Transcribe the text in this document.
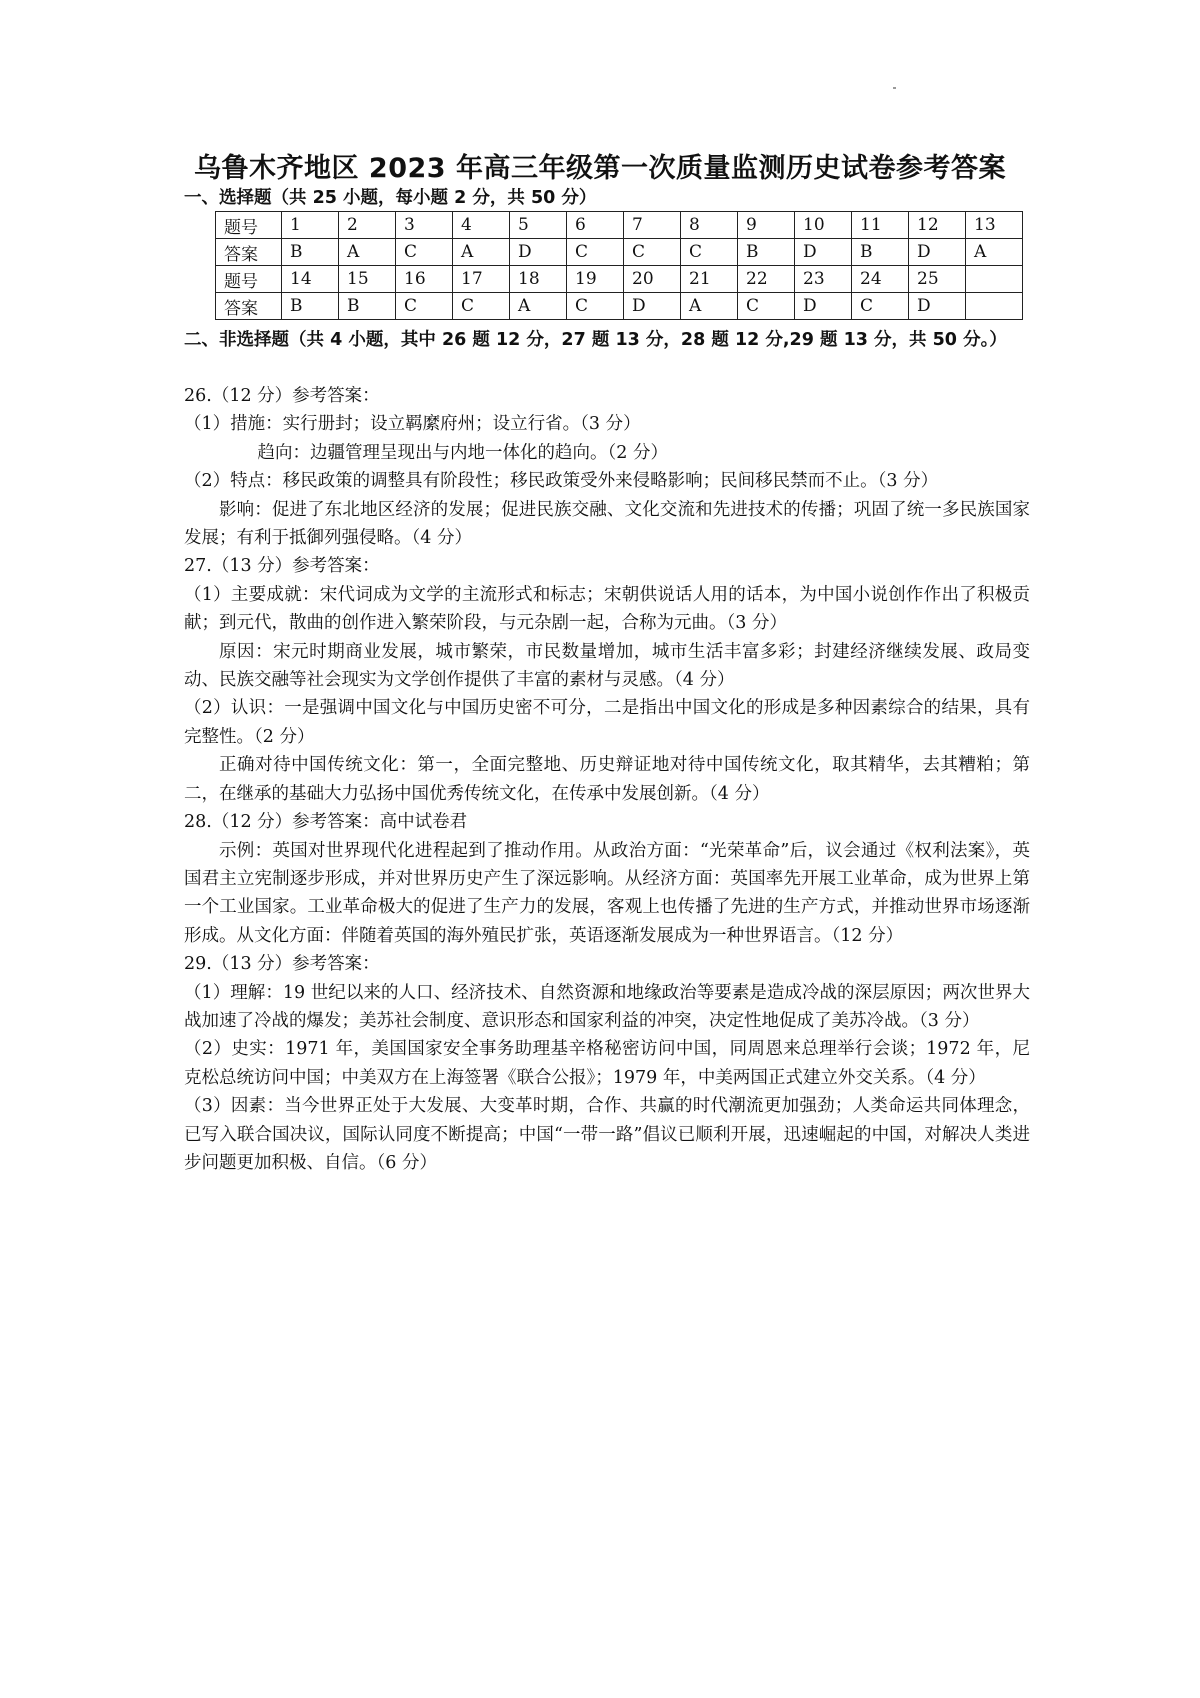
乌鲁木齐地区 2023 年高三年级第一次质量监测历史试卷参考答案
一、选择题（共 25 小题，每小题 2 分，共 50 分）
题号	1	2	3	4	5	6	7	8	9	10	11	12	13
答案	B	A	C	A	D	C	C	C	B	D	B	D	A
题号	14	15	16	17	18	19	20	21	22	23	24	25	
答案	B	B	C	C	A	C	D	A	C	D	C	D	
二、非选择题（共 4 小题，其中 26 题 12 分，27 题 13 分，28 题 12 分,29 题 13 分，共 50 分。）

26.（12 分）参考答案：

（1）措施：实行册封；设立羁縻府州；设立行省。（3 分）

趋向：边疆管理呈现出与内地一体化的趋向。（2 分）

（2）特点：移民政策的调整具有阶段性；移民政策受外来侵略影响；民间移民禁而不止。（3 分）

影响：促进了东北地区经济的发展；促进民族交融、文化交流和先进技术的传播；巩固了统一多民族国家发展；有利于抵御列强侵略。（4 分）

27.（13 分）参考答案：

（1）主要成就：宋代词成为文学的主流形式和标志；宋朝供说话人用的话本，为中国小说创作作出了积极贡献；到元代，散曲的创作进入繁荣阶段，与元杂剧一起，合称为元曲。（3 分）

原因：宋元时期商业发展，城市繁荣，市民数量增加，城市生活丰富多彩；封建经济继续发展、政局变动、民族交融等社会现实为文学创作提供了丰富的素材与灵感。（4 分）

（2）认识：一是强调中国文化与中国历史密不可分，二是指出中国文化的形成是多种因素综合的结果，具有完整性。（2 分）

正确对待中国传统文化：第一，全面完整地、历史辩证地对待中国传统文化，取其精华，去其糟粕；第二，在继承的基础大力弘扬中国优秀传统文化，在传承中发展创新。（4 分）

28.（12 分）参考答案：高中试卷君

示例：英国对世界现代化进程起到了推动作用。从政治方面：“光荣革命”后，议会通过《权利法案》，英国君主立宪制逐步形成，并对世界历史产生了深远影响。从经济方面：英国率先开展工业革命，成为世界上第一个工业国家。工业革命极大的促进了生产力的发展，客观上也传播了先进的生产方式，并推动世界市场逐渐形成。从文化方面：伴随着英国的海外殖民扩张，英语逐渐发展成为一种世界语言。（12 分）

29.（13 分）参考答案：

（1）理解：19 世纪以来的人口、经济技术、自然资源和地缘政治等要素是造成冷战的深层原因；两次世界大战加速了冷战的爆发；美苏社会制度、意识形态和国家利益的冲突，决定性地促成了美苏冷战。（3 分）

（2）史实：1971 年，美国国家安全事务助理基辛格秘密访问中国，同周恩来总理举行会谈；1972 年，尼克松总统访问中国；中美双方在上海签署《联合公报》；1979 年，中美两国正式建立外交关系。（4 分）

（3）因素：当今世界正处于大发展、大变革时期，合作、共赢的时代潮流更加强劲；人类命运共同体理念，已写入联合国决议，国际认同度不断提高；中国“一带一路”倡议已顺利开展，迅速崛起的中国，对解决人类进步问题更加积极、自信。（6 分）
